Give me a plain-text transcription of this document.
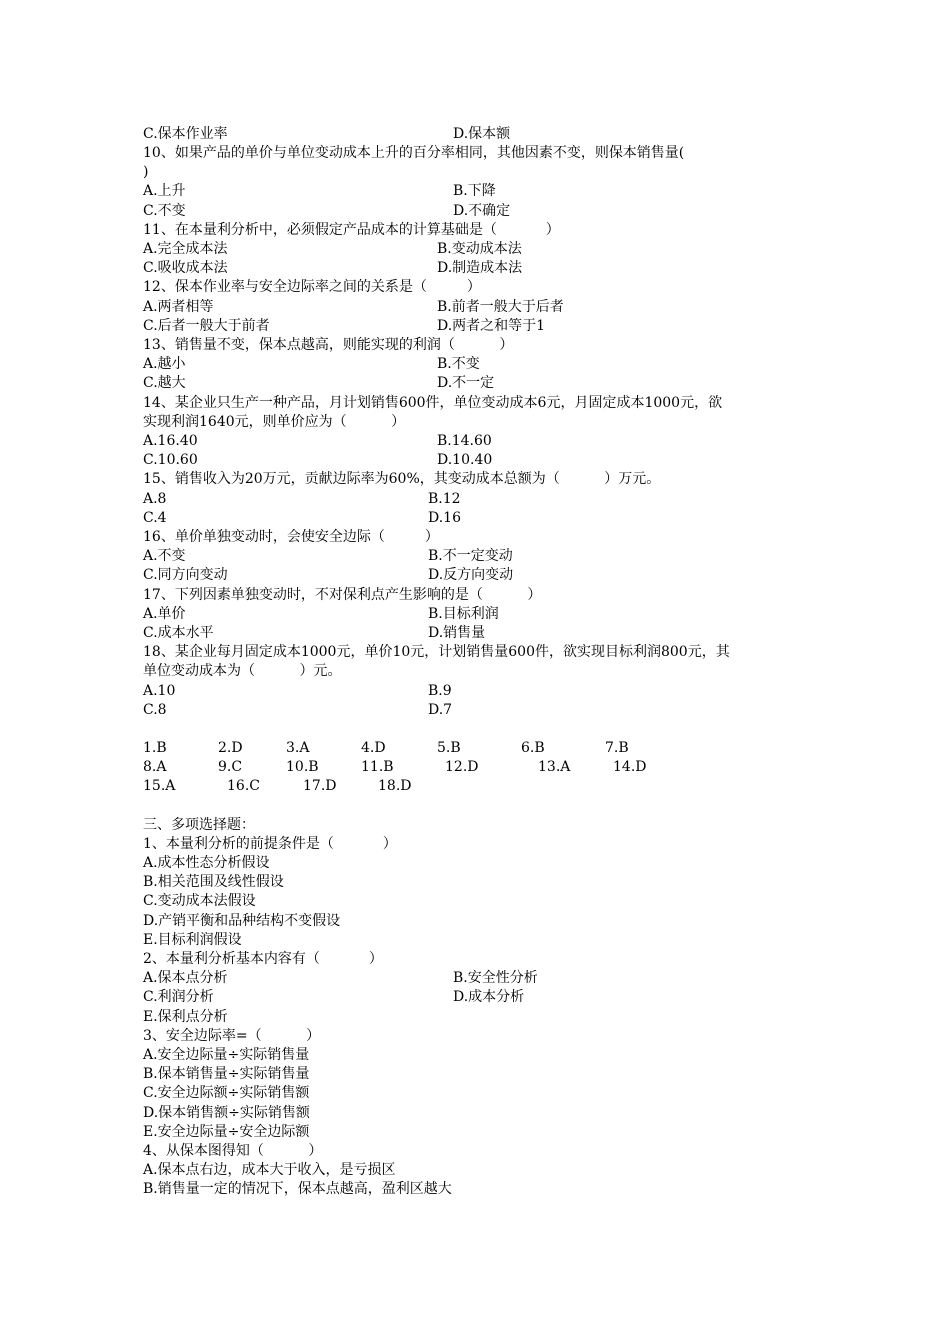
C.保本作业率	D.保本额
10、如果产品的单价与单位变动成本上升的百分率相同，其他因素不变，则保本销售量(
)
A.上升	B.下降
C.不变	D.不确定
11、在本量利分析中，必须假定产品成本的计算基础是（           ）
A.完全成本法	B.变动成本法
C.吸收成本法	D.制造成本法
12、保本作业率与安全边际率之间的关系是（         ）
A.两者相等	B.前者一般大于后者
C.后者一般大于前者	D.两者之和等于1
13、销售量不变，保本点越高，则能实现的利润（          ）
A.越小	B.不变
C.越大	D.不一定
14、某企业只生产一种产品，月计划销售600件，单位变动成本6元，月固定成本1000元，欲
实现利润1640元，则单价应为（          ）
A.16.40	B.14.60
C.10.60	D.10.40
15、销售收入为20万元，贡献边际率为60%，其变动成本总额为（          ）万元。
A.8	B.12
C.4	D.16
16、单价单独变动时，会使安全边际（         ）
A.不变	B.不一定变动
C.同方向变动	D.反方向变动
17、下列因素单独变动时，不对保利点产生影响的是（          ）
A.单价	B.目标利润
C.成本水平	D.销售量
18、某企业每月固定成本1000元，单价10元，计划销售量600件，欲实现目标利润800元，其
单位变动成本为（          ）元。
A.10	B.9
C.8	D.7
1.B	2.D	3.A	4.D	5.B	6.B	7.B
8.A	9.C	10.B	11.B	12.D	13.A	14.D
15.A	16.C	17.D	18.D
三、多项选择题：
1、本量利分析的前提条件是（           ）
A.成本性态分析假设
B.相关范围及线性假设
C.变动成本法假设
D.产销平衡和品种结构不变假设
E.目标利润假设
2、本量利分析基本内容有（           ）
A.保本点分析	B.安全性分析
C.利润分析	D.成本分析
E.保利点分析
3、安全边际率=（          ）
A.安全边际量÷实际销售量
B.保本销售量÷实际销售量
C.安全边际额÷实际销售额
D.保本销售额÷实际销售额
E.安全边际量÷安全边际额
4、从保本图得知（          ）
A.保本点右边，成本大于收入，是亏损区
B.销售量一定的情况下，保本点越高，盈利区越大
